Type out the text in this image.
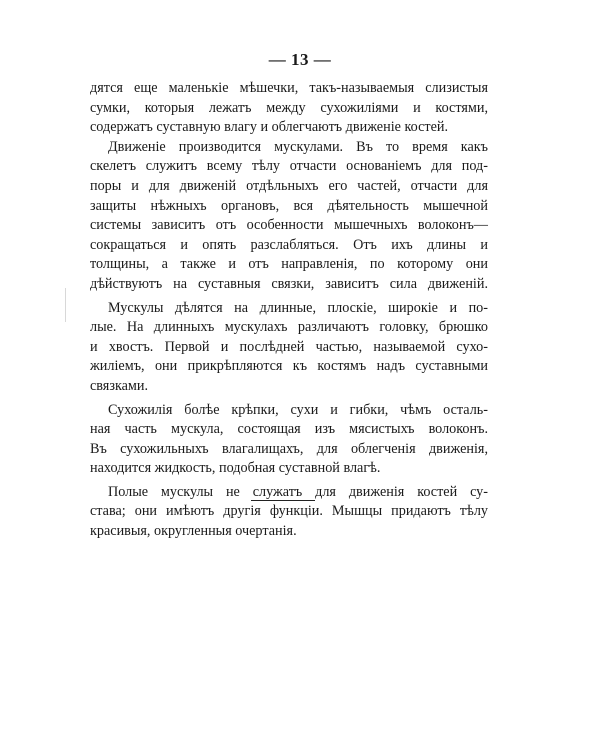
— 13 —
дятся еще маленькіе мѣшечки, такъ-называемыя слизистыя
сумки, которыя лежатъ между сухожиліями и костями,
содержатъ суставную влагу и облегчаютъ движеніе костей.
Движеніе производится мускулами. Въ то время какъ
скелетъ служитъ всему тѣлу отчасти основаніемъ для под-
поры и для движеній отдѣльныхъ его частей, отчасти для
защиты нѣжныхъ органовъ, вся дѣятельность мышечной
системы зависитъ отъ особенности мышечныхъ волоконъ—
сокращаться и опять разслабляться. Отъ ихъ длины и
толщины, а также и отъ направленія, по которому они
дѣйствуютъ на суставныя связки, зависитъ сила движеній.
Мускулы дѣлятся на длинные, плоскіе, широкіе и по-
лые. На длинныхъ мускулахъ различаютъ головку, брюшко
и хвостъ. Первой и послѣдней частью, называемой сухо-
жиліемъ, они прикрѣпляются къ костямъ надъ суставными
связками.
Сухожилія болѣе крѣпки, сухи и гибки, чѣмъ осталь-
ная часть мускула, состоящая изъ мясистыхъ волоконъ.
Въ сухожильныхъ влагалищахъ, для облегченія движенія,
находится жидкость, подобная суставной влагѣ.
Полые мускулы не служатъ для движенія костей су-
става; они имѣютъ другія функціи. Мышцы придаютъ тѣлу
красивыя, округленныя очертанія.
